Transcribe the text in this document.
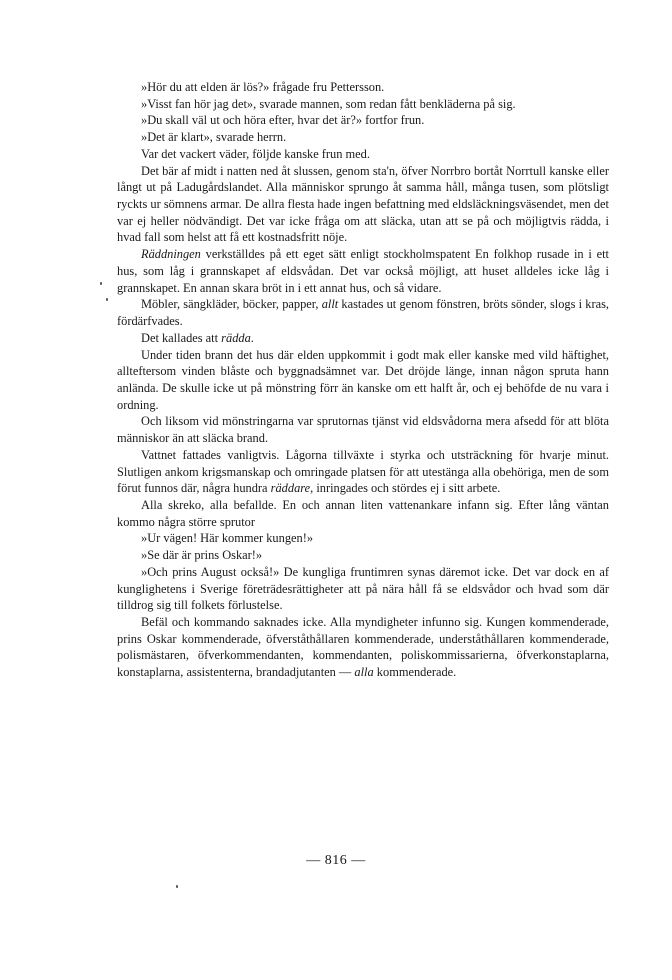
»Hör du att elden är lös?» frågade fru Pettersson.

»Visst fan hör jag det», svarade mannen, som redan fått benkläderna på sig.

»Du skall väl ut och höra efter, hvar det är?» fortfor frun.

»Det är klart», svarade herrn.

Var det vackert väder, följde kanske frun med.

Det bär af midt i natten ned åt slussen, genom sta'n, öfver Norrbro bortåt Norrtull kanske eller långt ut på Ladugårdslandet. Alla människor sprungo åt samma håll, många tusen, som plötsligt ryckts ur sömnens armar. De allra flesta hade ingen befattning med eldsläckningsväsendet, men det var ej heller nödvändigt. Det var icke fråga om att släcka, utan att se på och möjligtvis rädda, i hvad fall som helst att få ett kostnadsfritt nöje.

Räddningen verkställdes på ett eget sätt enligt stockholmspatent En folkhop rusade in i ett hus, som låg i grannskapet af eldsvådan. Det var också möjligt, att huset alldeles icke låg i grannskapet. En annan skara bröt in i ett annat hus, och så vidare.

Möbler, sängkläder, böcker, papper, allt kastades ut genom fönstren, bröts sönder, slogs i kras, fördärfvades.

Det kallades att rädda.

Under tiden brann det hus där elden uppkommit i godt mak eller kanske med vild häftighet, allteftersom vinden blåste och byggnadsämnet var. Det dröjde länge, innan någon spruta hann anlända. De skulle icke ut på mönstring förr än kanske om ett halft år, och ej behöfde de nu vara i ordning.

Och liksom vid mönstringarna var sprutornas tjänst vid eldsvådorna mera afsedd för att blöta människor än att släcka brand.

Vattnet fattades vanligtvis. Lågorna tillväxte i styrka och utsträckning för hvarje minut. Slutligen ankom krigsmanskap och omringade platsen för att utestänga alla obehöriga, men de som förut funnos där, några hundra räddare, inringades och stördes ej i sitt arbete.

Alla skreko, alla befallde. En och annan liten vattenankare infann sig. Efter lång väntan kommo några större sprutor

»Ur vägen! Här kommer kungen!»

»Se där är prins Oskar!»

»Och prins August också!» De kungliga fruntimren synas däremot icke. Det var dock en af kunglighetens i Sverige företrädesrättigheter att på nära håll få se eldsvådor och hvad som där tilldrog sig till folkets förlustelse.

Befäl och kommando saknades icke. Alla myndigheter infunno sig. Kungen kommenderade, prins Oskar kommenderade, öfverståthållaren kommenderade, underståthållaren kommenderade, polismästaren, öfverkommendanten, kommendanten, poliskommissarierna, öfverkonstaplarna, konstaplarna, assistenterna, brandadjutanten — alla kommenderade.

— 816 —
